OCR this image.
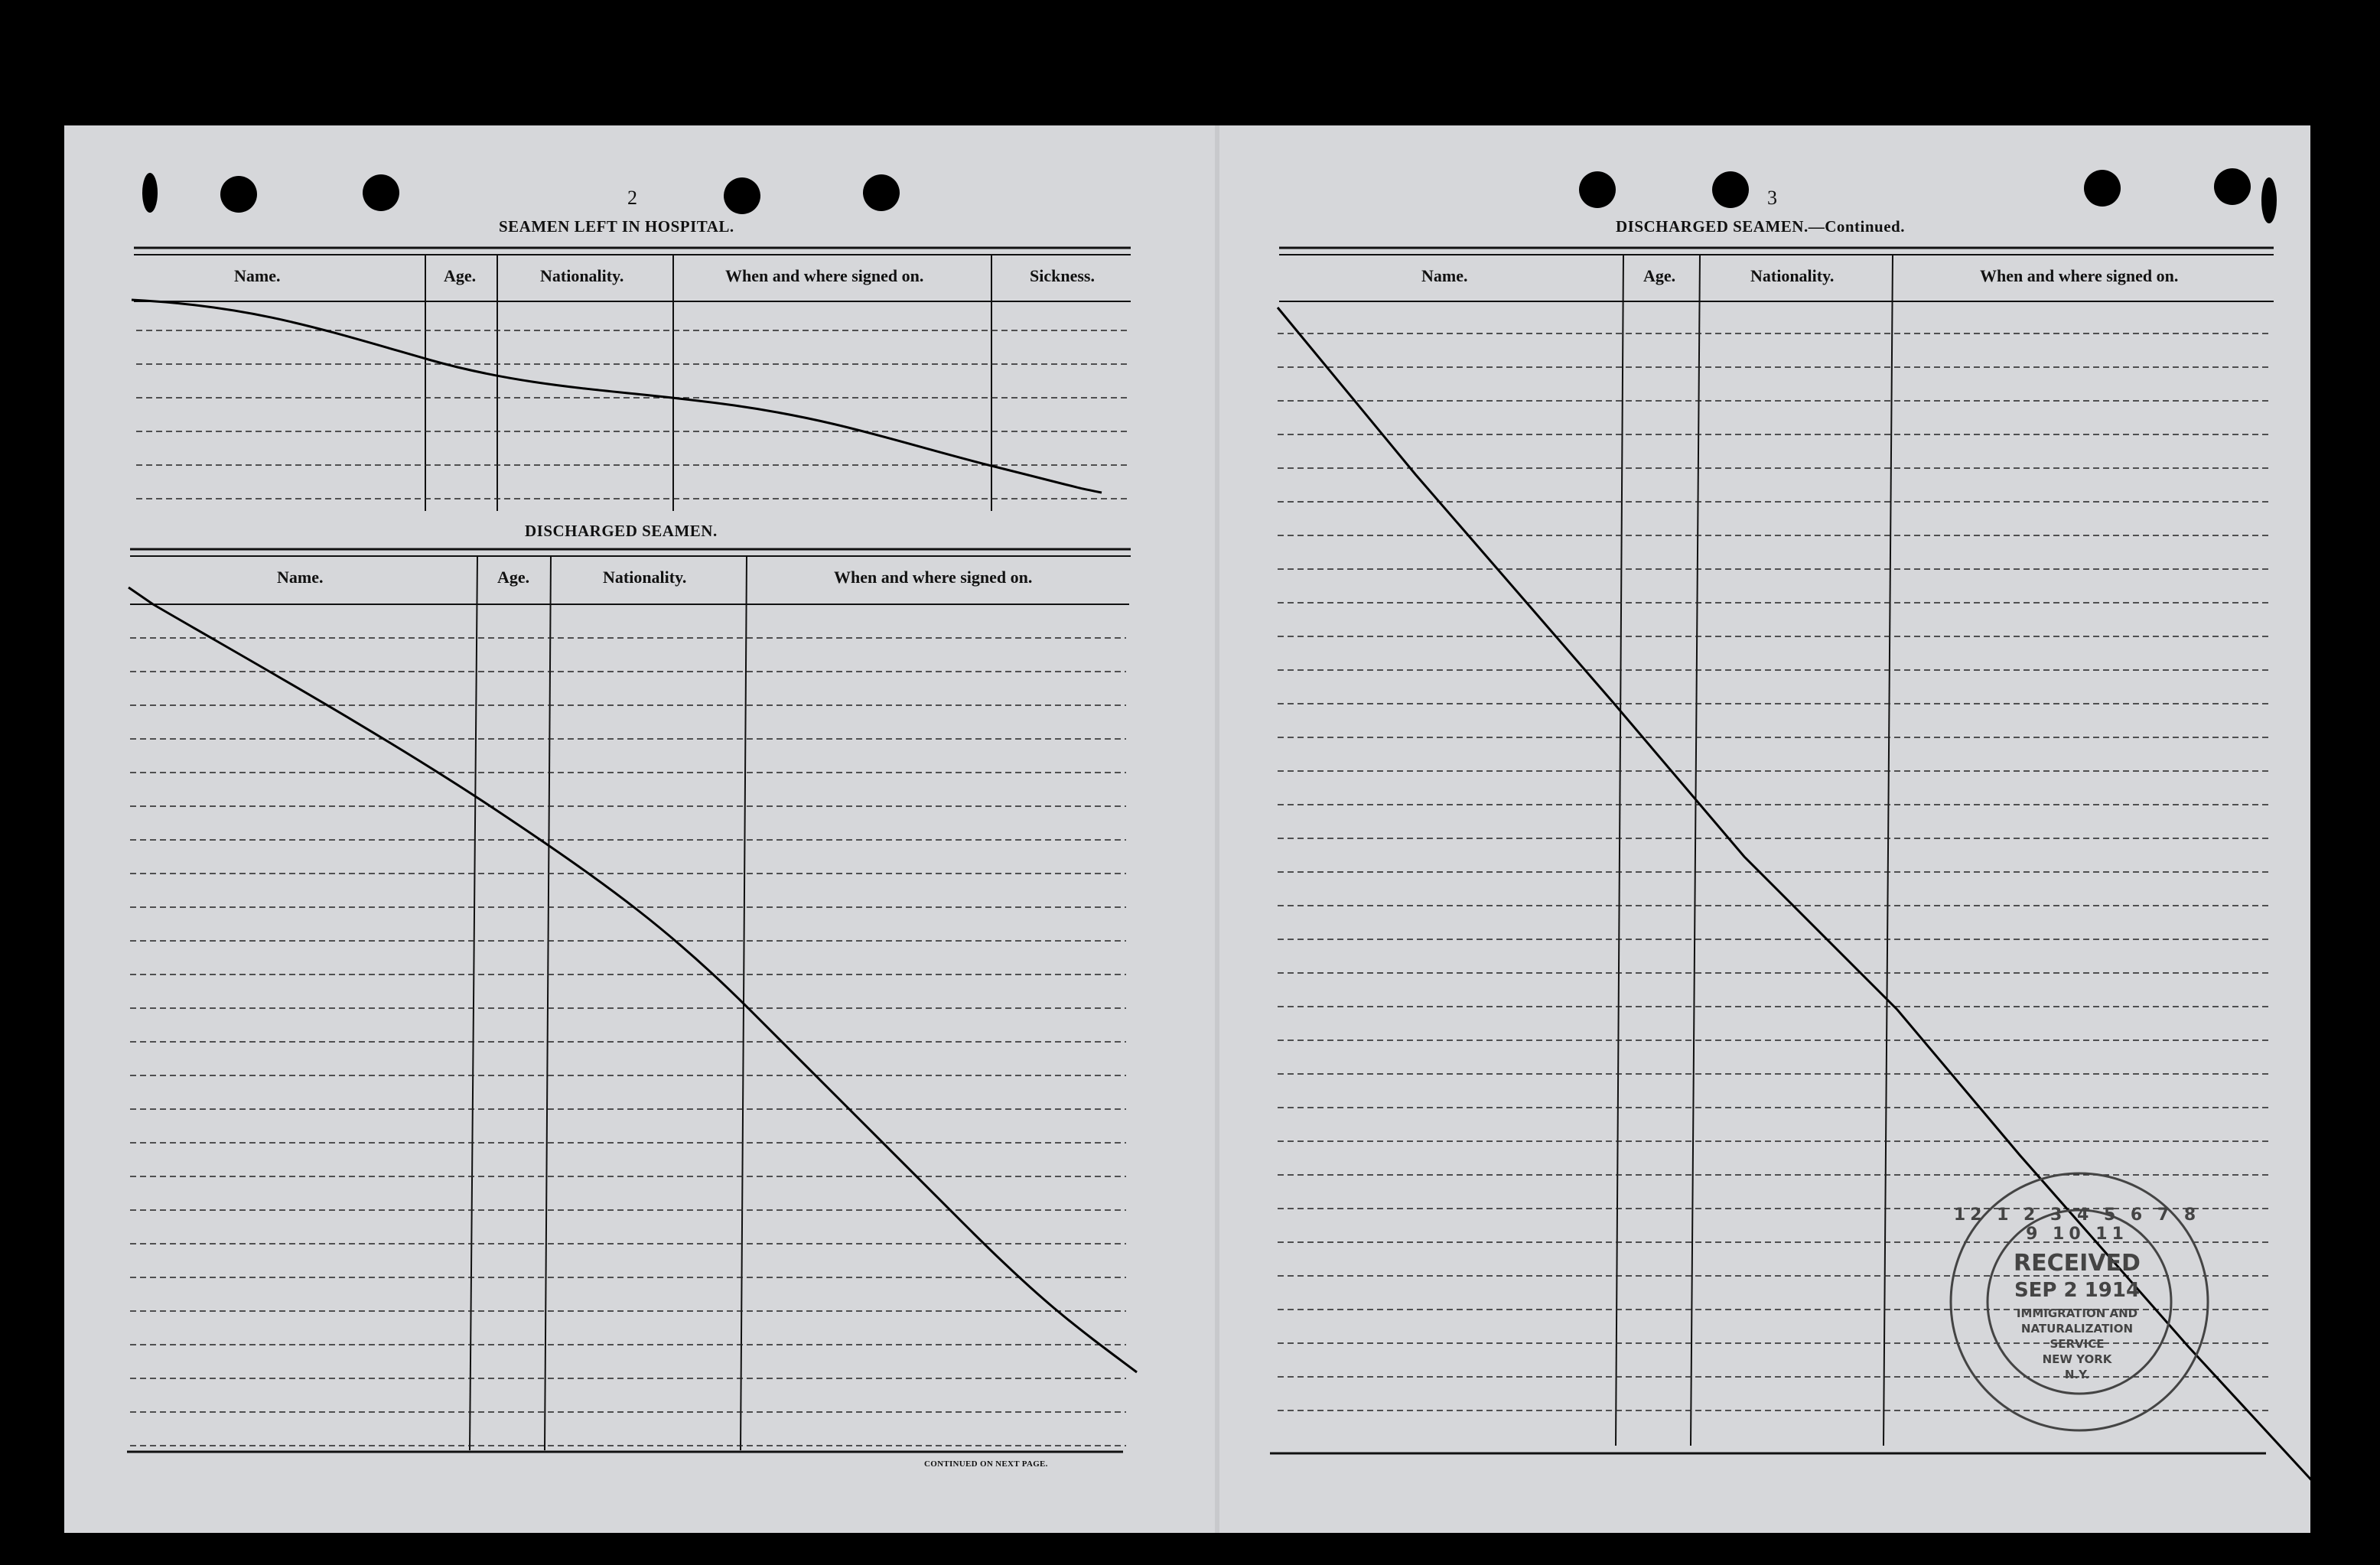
2
SEAMEN LEFT IN HOSPITAL.
Name.	Age.	Nationality.	When and where signed on.	Sickness.
DISCHARGED SEAMEN.
Name.	Age.	Nationality.	When and where signed on.
CONTINUED ON NEXT PAGE.
3
DISCHARGED SEAMEN.—Continued.
Name.	Age.	Nationality.	When and where signed on.
12 1 2 3 4 5 6 7 8 9 10 11
RECEIVED
SEP 2 1914
IMMIGRATION AND
NATURALIZATION
SERVICE
NEW YORK
N.Y.
